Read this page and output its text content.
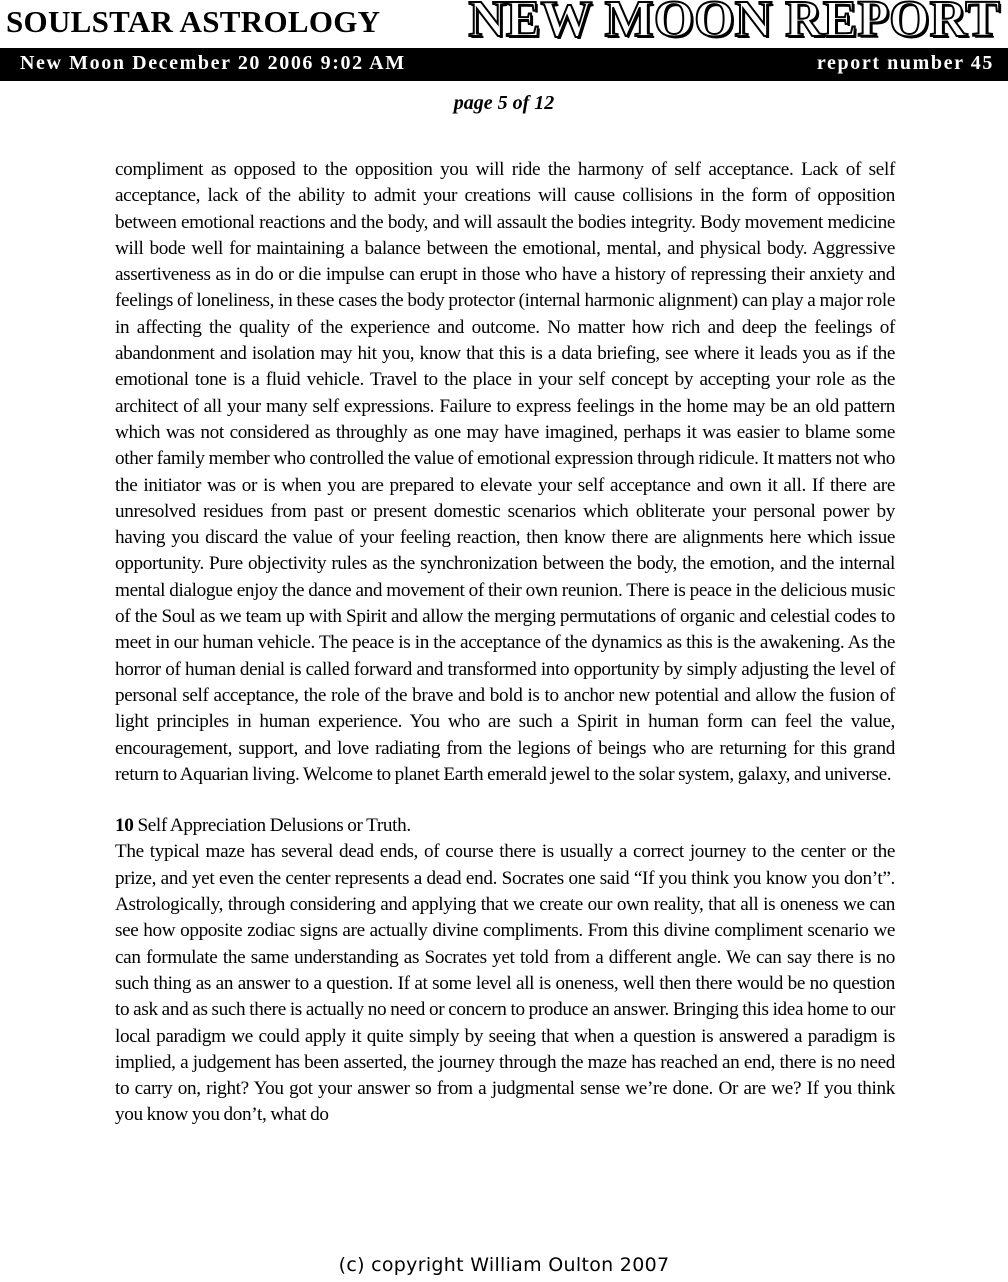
SOULSTAR ASTROLOGY NEW MOON REPORT
New Moon December 20 2006 9:02 AM	report number 45
page 5 of 12

compliment as opposed to the opposition you will ride the harmony of self acceptance. Lack of self acceptance, lack of the ability to admit your creations will cause collisions in the form of opposition between emotional reactions and the body, and will assault the bodies integrity. Body movement medicine will bode well for maintaining a balance between the emotional, mental, and physical body. Aggressive assertiveness as in do or die impulse can erupt in those who have a history of repressing their anxiety and feelings of loneliness, in these cases the body protector (internal harmonic alignment) can play a major role in affecting the quality of the experience and outcome. No matter how rich and deep the feelings of abandonment and isolation may hit you, know that this is a data briefing, see where it leads you as if the emotional tone is a fluid vehicle. Travel to the place in your self concept by accepting your role as the architect of all your many self expressions. Failure to express feelings in the home may be an old pattern which was not considered as throughly as one may have imagined, perhaps it was easier to blame some other family member who controlled the value of emotional expression through ridicule. It matters not who the initiator was or is when you are prepared to elevate your self acceptance and own it all. If there are unresolved residues from past or present domestic scenarios which obliterate your personal power by having you discard the value of your feeling reaction, then know there are alignments here which issue opportunity. Pure objectivity rules as the synchronization between the body, the emotion, and the internal mental dialogue enjoy the dance and movement of their own reunion. There is peace in the delicious music of the Soul as we team up with Spirit and allow the merging permutations of organic and celestial codes to meet in our human vehicle. The peace is in the acceptance of the dynamics as this is the awakening. As the horror of human denial is called forward and transformed into opportunity by simply adjusting the level of personal self acceptance, the role of the brave and bold is to anchor new potential and allow the fusion of light principles in human experience. You who are such a Spirit in human form can feel the value, encouragement, support, and love radiating from the legions of beings who are returning for this grand return to Aquarian living. Welcome to planet Earth emerald jewel to the solar system, galaxy, and universe.

10 Self Appreciation Delusions or Truth.

The typical maze has several dead ends, of course there is usually a correct journey to the center or the prize, and yet even the center represents a dead end. Socrates one said “If you think you know you don’t”. Astrologically, through considering and applying that we create our own reality, that all is oneness we can see how opposite zodiac signs are actually divine compliments. From this divine compliment scenario we can formulate the same understanding as Socrates yet told from a different angle. We can say there is no such thing as an answer to a question. If at some level all is oneness, well then there would be no question to ask and as such there is actually no need or concern to produce an answer. Bringing this idea home to our local paradigm we could apply it quite simply by seeing that when a question is answered a paradigm is implied, a judgement has been asserted, the journey through the maze has reached an end, there is no need to carry on, right? You got your answer so from a judgmental sense we’re done. Or are we? If you think you know you don’t, what do

(c) copyright William Oulton 2007
